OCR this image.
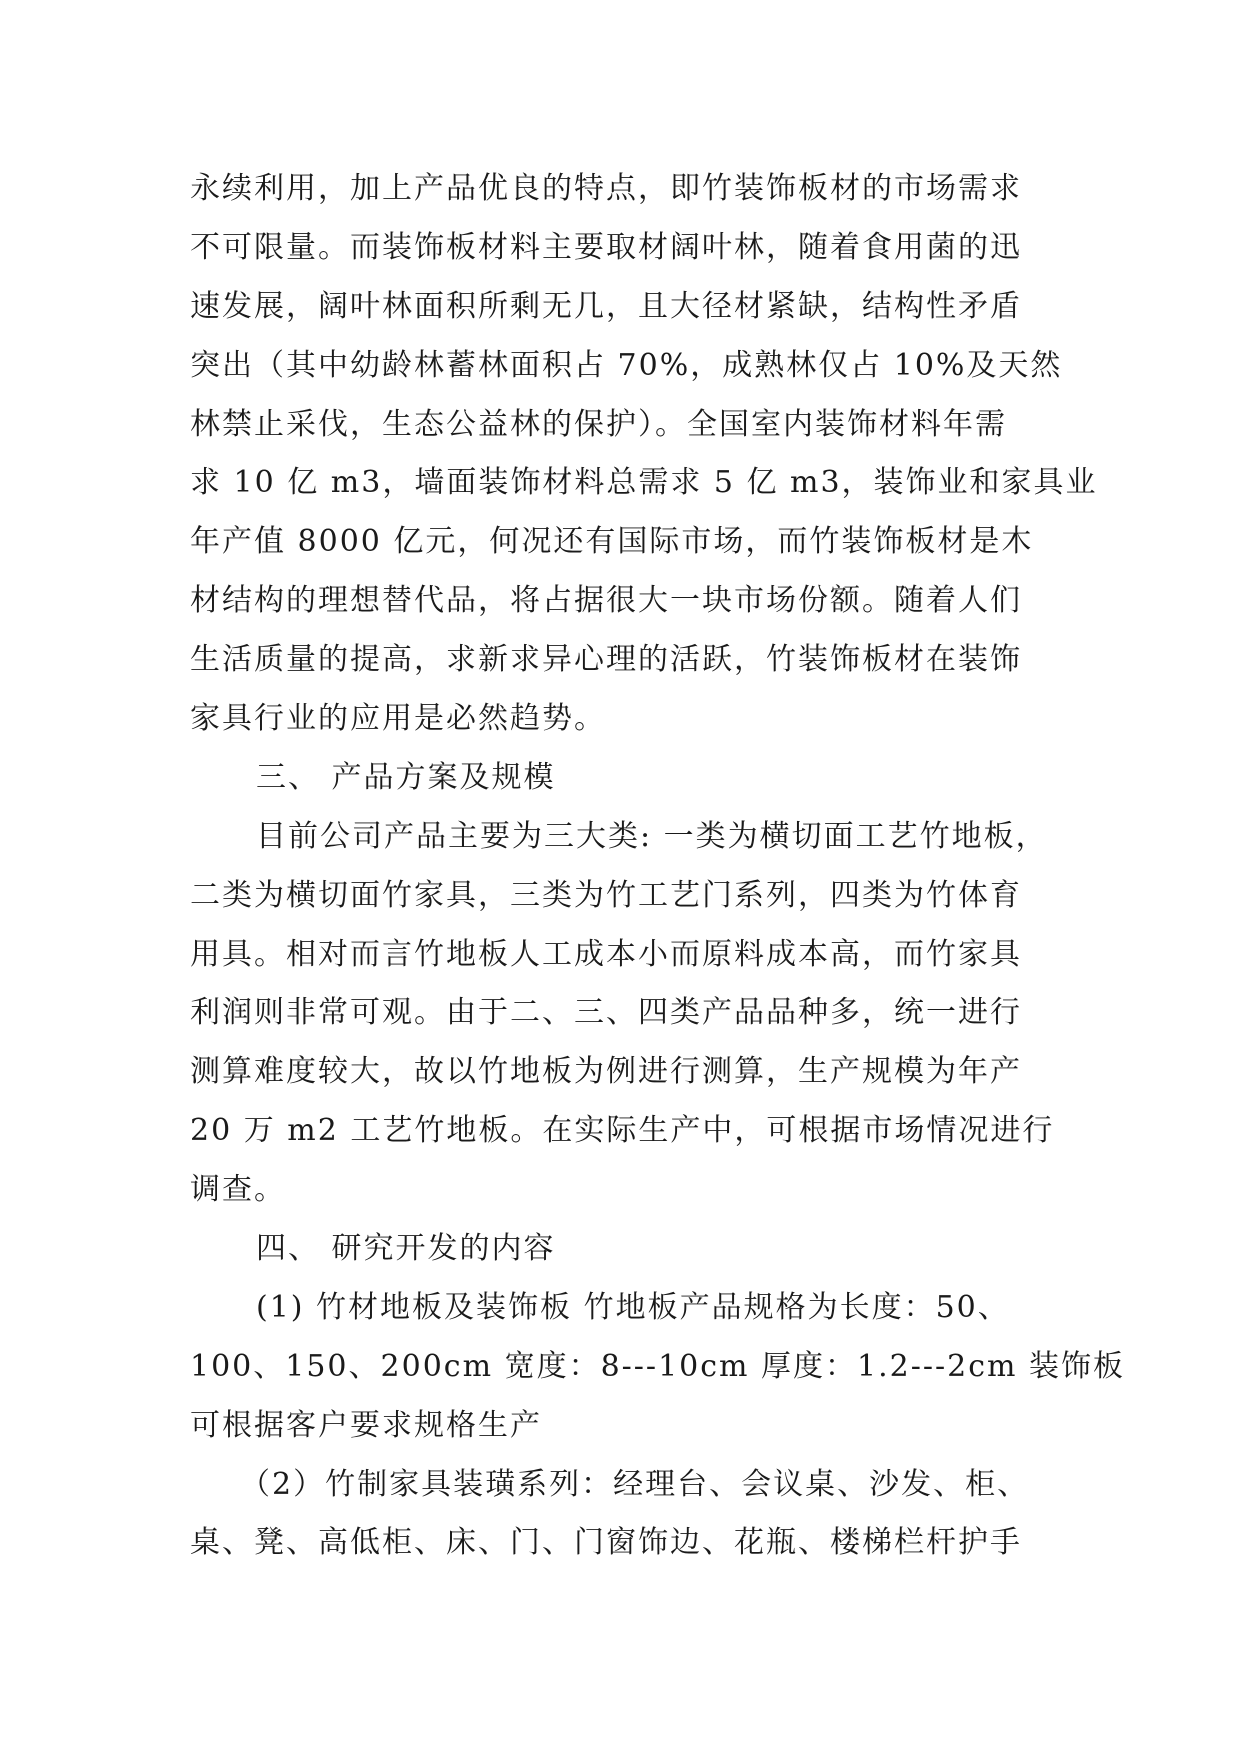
永续利用，加上产品优良的特点，即竹装饰板材的市场需求
不可限量。而装饰板材料主要取材阔叶林，随着食用菌的迅
速发展，阔叶林面积所剩无几，且大径材紧缺，结构性矛盾
突出（其中幼龄林蓄林面积占 70%，成熟林仅占 10%及天然
林禁止采伐，生态公益林的保护）。全国室内装饰材料年需
求 10 亿 m3，墙面装饰材料总需求 5 亿 m3，装饰业和家具业
年产值 8000 亿元，何况还有国际市场，而竹装饰板材是木
材结构的理想替代品，将占据很大一块市场份额。随着人们
生活质量的提高，求新求异心理的活跃，竹装饰板材在装饰
家具行业的应用是必然趋势。
三、 产品方案及规模
目前公司产品主要为三大类: 一类为横切面工艺竹地板，
二类为横切面竹家具，三类为竹工艺门系列，四类为竹体育
用具。相对而言竹地板人工成本小而原料成本高，而竹家具
利润则非常可观。由于二、三、四类产品品种多，统一进行
测算难度较大，故以竹地板为例进行测算，生产规模为年产
20 万 m2 工艺竹地板。在实际生产中，可根据市场情况进行
调查。
四、 研究开发的内容
(1) 竹材地板及装饰板 竹地板产品规格为长度：50、
100、150、200cm 宽度：8---10cm 厚度：1.2---2cm 装饰板
可根据客户要求规格生产
（2）竹制家具装璜系列：经理台、会议桌、沙发、柜、
桌、凳、高低柜、床、门、门窗饰边、花瓶、楼梯栏杆护手
